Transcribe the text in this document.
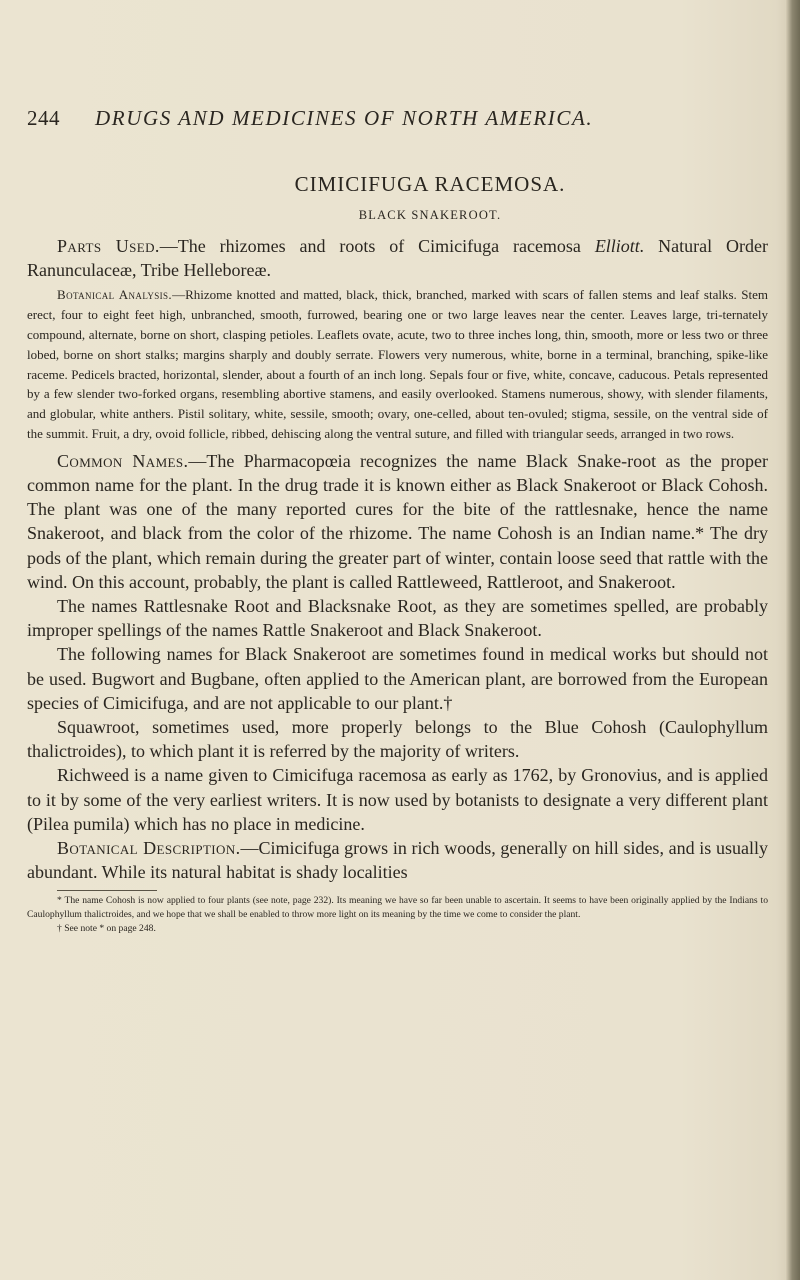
244 DRUGS AND MEDICINES OF NORTH AMERICA.
CIMICIFUGA RACEMOSA.
BLACK SNAKEROOT.

Parts Used.—The rhizomes and roots of Cimicifuga racemosa Elliott. Natural Order Ranunculaceæ, Tribe Helleboreæ.

Botanical Analysis.—Rhizome knotted and matted, black, thick, branched, marked with scars of fallen stems and leaf stalks. Stem erect, four to eight feet high, unbranched, smooth, furrowed, bearing one or two large leaves near the center. Leaves large, tri-ternately compound, alternate, borne on short, clasping petioles. Leaflets ovate, acute, two to three inches long, thin, smooth, more or less two or three lobed, borne on short stalks; margins sharply and doubly serrate. Flowers very numerous, white, borne in a terminal, branching, spike-like raceme. Pedicels bracted, horizontal, slender, about a fourth of an inch long. Sepals four or five, white, concave, caducous. Petals represented by a few slender two-forked organs, resembling abortive stamens, and easily overlooked. Stamens numerous, showy, with slender filaments, and globular, white anthers. Pistil solitary, white, sessile, smooth; ovary, one-celled, about ten-ovuled; stigma, sessile, on the ventral side of the summit. Fruit, a dry, ovoid follicle, ribbed, dehiscing along the ventral suture, and filled with triangular seeds, arranged in two rows.

Common Names.—The Pharmacopœia recognizes the name Black Snake-root as the proper common name for the plant. In the drug trade it is known either as Black Snakeroot or Black Cohosh. The plant was one of the many reported cures for the bite of the rattlesnake, hence the name Snakeroot, and black from the color of the rhizome. The name Cohosh is an Indian name.* The dry pods of the plant, which remain during the greater part of winter, contain loose seed that rattle with the wind. On this account, probably, the plant is called Rattleweed, Rattleroot, and Snakeroot.

The names Rattlesnake Root and Blacksnake Root, as they are sometimes spelled, are probably improper spellings of the names Rattle Snakeroot and Black Snakeroot.

The following names for Black Snakeroot are sometimes found in medical works but should not be used. Bugwort and Bugbane, often applied to the American plant, are borrowed from the European species of Cimicifuga, and are not applicable to our plant.†

Squawroot, sometimes used, more properly belongs to the Blue Cohosh (Caulophyllum thalictroides), to which plant it is referred by the majority of writers.

Richweed is a name given to Cimicifuga racemosa as early as 1762, by Gronovius, and is applied to it by some of the very earliest writers. It is now used by botanists to designate a very different plant (Pilea pumila) which has no place in medicine.

Botanical Description.—Cimicifuga grows in rich woods, generally on hill sides, and is usually abundant. While its natural habitat is shady localities

* The name Cohosh is now applied to four plants (see note, page 232). Its meaning we have so far been unable to ascertain. It seems to have been originally applied by the Indians to Caulophyllum thalictroides, and we hope that we shall be enabled to throw more light on its meaning by the time we come to consider the plant.

† See note * on page 248.
